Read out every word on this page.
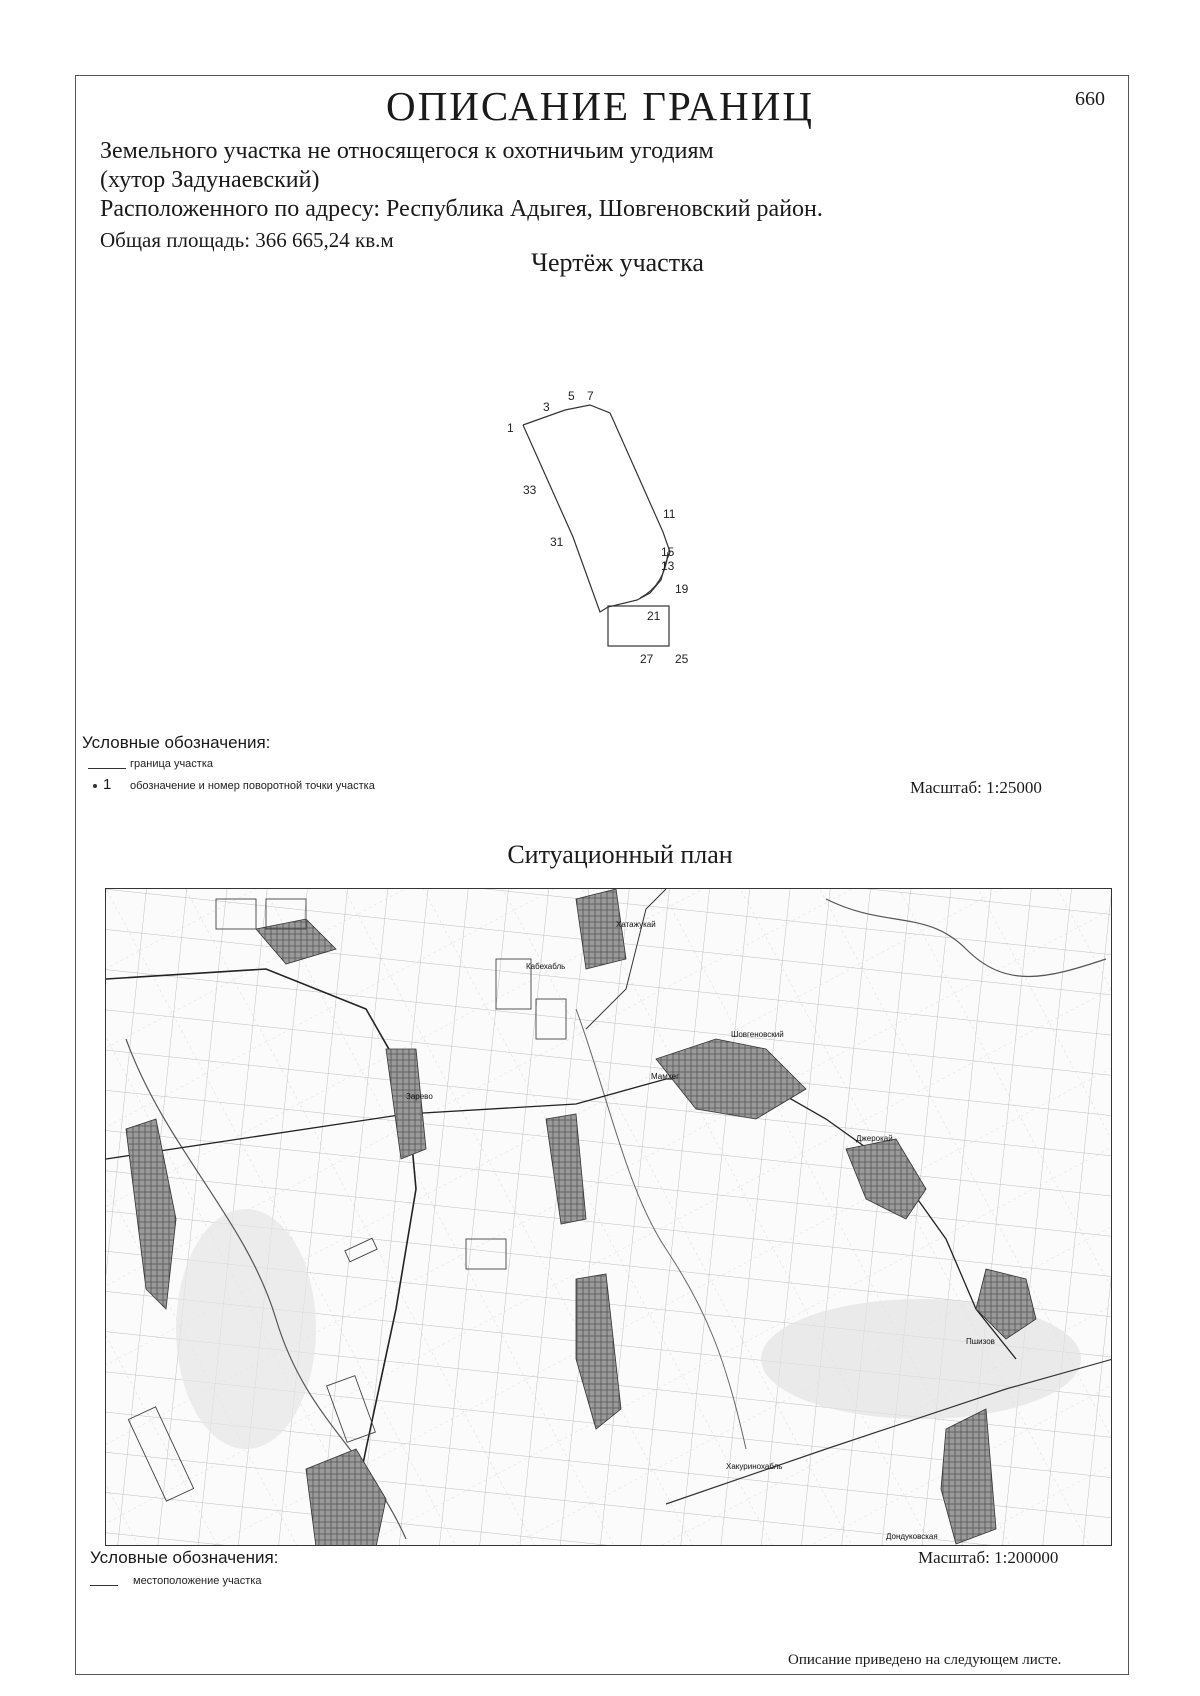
ОПИСАНИЕ ГРАНИЦ	660
Земельного участка не относящегося к охотничьим угодиям
(хутор Задунаевский)
Расположенного по адресу: Республика Адыгея, Шовгеновский район.
Общая площадь: 366 665,24 кв.м
Чертёж участка
1
3
5 7
11
15
13
19
21
25
27
31
33
Условные обозначения:
граница участка
1 обозначение и номер поворотной точки участка	Масштаб: 1:25000
Ситуационный план
Шовгеновский
Мамхег
Джерокай
Заревo
Дондуковская
Хатажукай
Кабехабль
Хакуринохабль
Пшизов
Условные обозначения:
местоположение участка
Масштаб: 1:200000
Описание приведено на следующем листе.
